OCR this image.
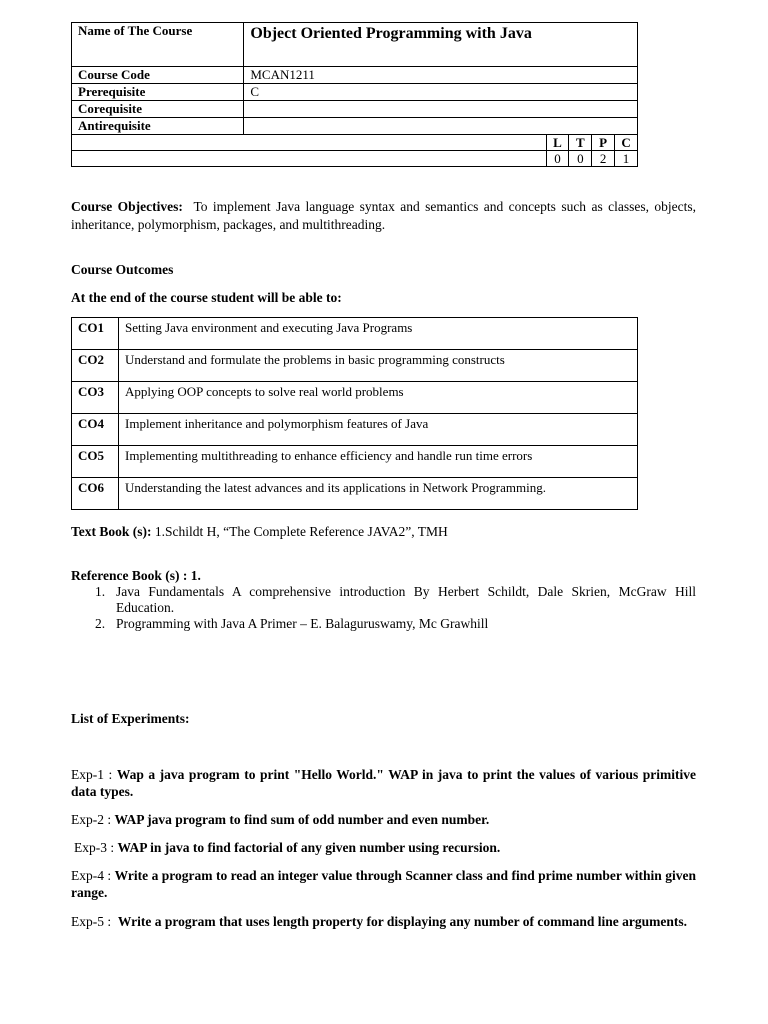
Name of The Course	Object Oriented Programming with Java				
Course Code	MCAN1211				
Prerequisite	C				
Corequisite					
Antirequisite					
		L	T	P	C
		0	0	2	1
Course Objectives: To implement Java language syntax and semantics and concepts such as classes, objects, inheritance, polymorphism, packages, and multithreading.
Course Outcomes
At the end of the course student will be able to:
CO1	Setting Java environment and executing Java Programs
CO2	Understand and formulate the problems in basic programming constructs
CO3	Applying OOP concepts to solve real world problems
CO4	Implement inheritance and polymorphism features of Java
CO5	Implementing multithreading to enhance efficiency and handle run time errors
CO6	Understanding the latest advances and its applications in Network Programming.
Text Book (s): 1.Schildt H, “The Complete Reference JAVA2”, TMH
Reference Book (s) : 1.
1. Java Fundamentals A comprehensive introduction By Herbert Schildt, Dale Skrien, McGraw Hill Education.
2. Programming with Java A Primer – E. Balaguruswamy, Mc Grawhill
List of Experiments:
Exp-1 : Wap a java program to print "Hello World." WAP in java to print the values of various primitive data types.
Exp-2 : WAP java program to find sum of odd number and even number.
Exp-3 : WAP in java to find factorial of any given number using recursion.
Exp-4 : Write a program to read an integer value through Scanner class and find prime number within given range.
Exp-5 : Write a program that uses length property for displaying any number of command line arguments.
